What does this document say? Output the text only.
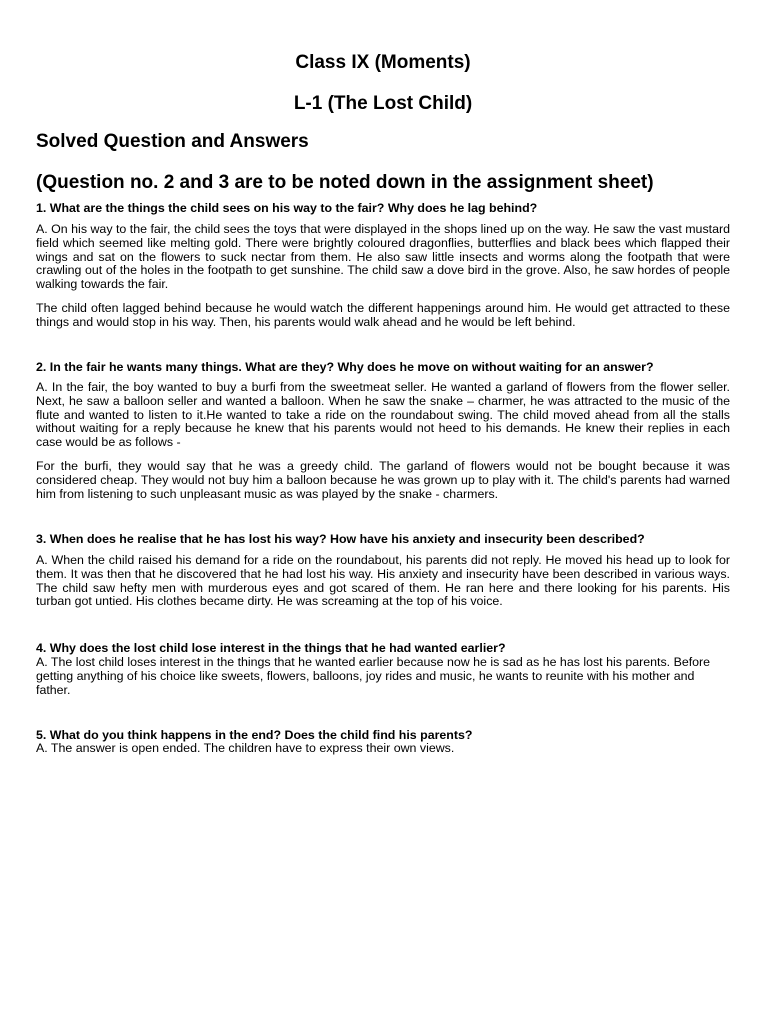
Class IX (Moments)

L-1 (The Lost Child)

Solved Question and Answers

(Question no. 2 and 3 are to be noted down in the assignment sheet)

1. What are the things the child sees on his way to the fair? Why does he lag behind?

A. On his way to the fair, the child sees the toys that were displayed in the shops lined up on the way. He saw the vast mustard field which seemed like melting gold. There were brightly coloured dragonflies, butterflies and black bees which flapped their wings and sat on the flowers to suck nectar from them. He also saw little insects and worms along the footpath that were crawling out of the holes in the footpath to get sunshine. The child saw a dove bird in the grove. Also, he saw hordes of people walking towards the fair.

The child often lagged behind because he would watch the different happenings around him. He would get attracted to these things and would stop in his way. Then, his parents would walk ahead and he would be left behind.

2. In the fair he wants many things. What are they? Why does he move on without waiting for an answer?

A. In the fair, the boy wanted to buy a burfi from the sweetmeat seller. He wanted a garland of flowers from the flower seller. Next, he saw a balloon seller and wanted a balloon. When he saw the snake – charmer, he was attracted to the music of the flute and wanted to listen to it.He wanted to take a ride on the roundabout swing. The child moved ahead from all the stalls without waiting for a reply because he knew that his parents would not heed to his demands. He knew their replies in each case would be as follows -

For the burfi, they would say that he was a greedy child. The garland of flowers would not be bought because it was considered cheap. They would not buy him a balloon because he was grown up to play with it. The child's parents had warned him from listening to such unpleasant music as was played by the snake - charmers.

3. When does he realise that he has lost his way? How have his anxiety and insecurity been described?

A. When the child raised his demand for a ride on the roundabout, his parents did not reply. He moved his head up to look for them. It was then that he discovered that he had lost his way. His anxiety and insecurity have been described in various ways. The child saw hefty men with murderous eyes and got scared of them. He ran here and there looking for his parents. His turban got untied. His clothes became dirty. He was screaming at the top of his voice.

4. Why does the lost child lose interest in the things that he had wanted earlier?

A. The lost child loses interest in the things that he wanted earlier because now he is sad as he has lost his parents. Before getting anything of his choice like sweets, flowers, balloons, joy rides and music, he wants to reunite with his mother and father.

5. What do you think happens in the end? Does the child find his parents?

A. The answer is open ended. The children have to express their own views.
